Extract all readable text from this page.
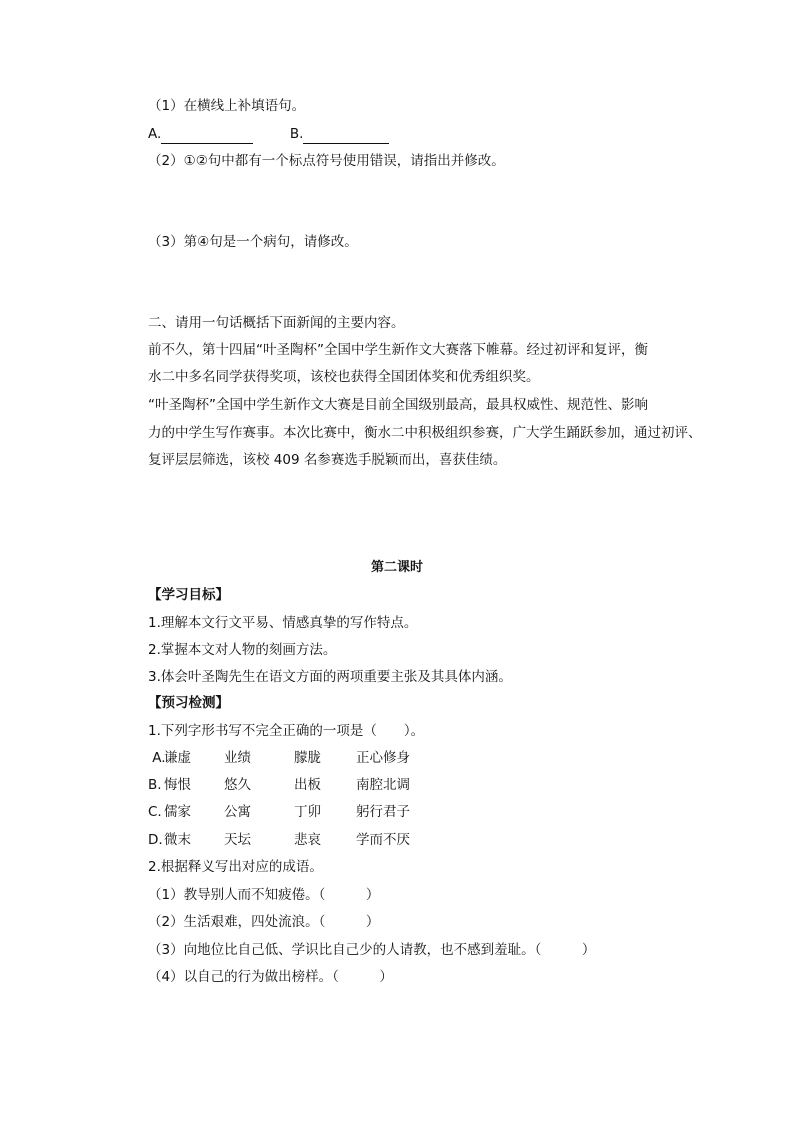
（1）在横线上补填语句。
A.	B.
（2）①②句中都有一个标点符号使用错误，请指出并修改。
（3）第④句是一个病句，请修改。
二、请用一句话概括下面新闻的主要内容。
前不久，第十四届“叶圣陶杯”全国中学生新作文大赛落下帷幕。经过初评和复评，衡
水二中多名同学获得奖项，该校也获得全国团体奖和优秀组织奖。
“叶圣陶杯”全国中学生新作文大赛是目前全国级别最高，最具权威性、规范性、影响
力的中学生写作赛事。本次比赛中，衡水二中积极组织参赛，广大学生踊跃参加，通过初评、
复评层层筛选，该校 409 名参赛选手脱颖而出，喜获佳绩。
第二课时
【学习目标】
1.理解本文行文平易、情感真挚的写作特点。
2.掌握本文对人物的刻画方法。
3.体会叶圣陶先生在语文方面的两项重要主张及其具体内涵。
【预习检测】
1.下列字形书写不完全正确的一项是（　　）。
A.
谦虚 业绩	朦胧	正心修身
B. 悔恨 悠久	出板	南腔北调
C. 儒家 公寓	丁卯	躬行君子
D. 微末 天坛	悲哀	学而不厌
2.根据释义写出对应的成语。
（1）教导别人而不知疲倦。（　　　）
（2）生活艰难，四处流浪。（　　　）
（3）向地位比自己低、学识比自己少的人请教，也不感到羞耻。（　　　）
（4）以自己的行为做出榜样。（　　　）
